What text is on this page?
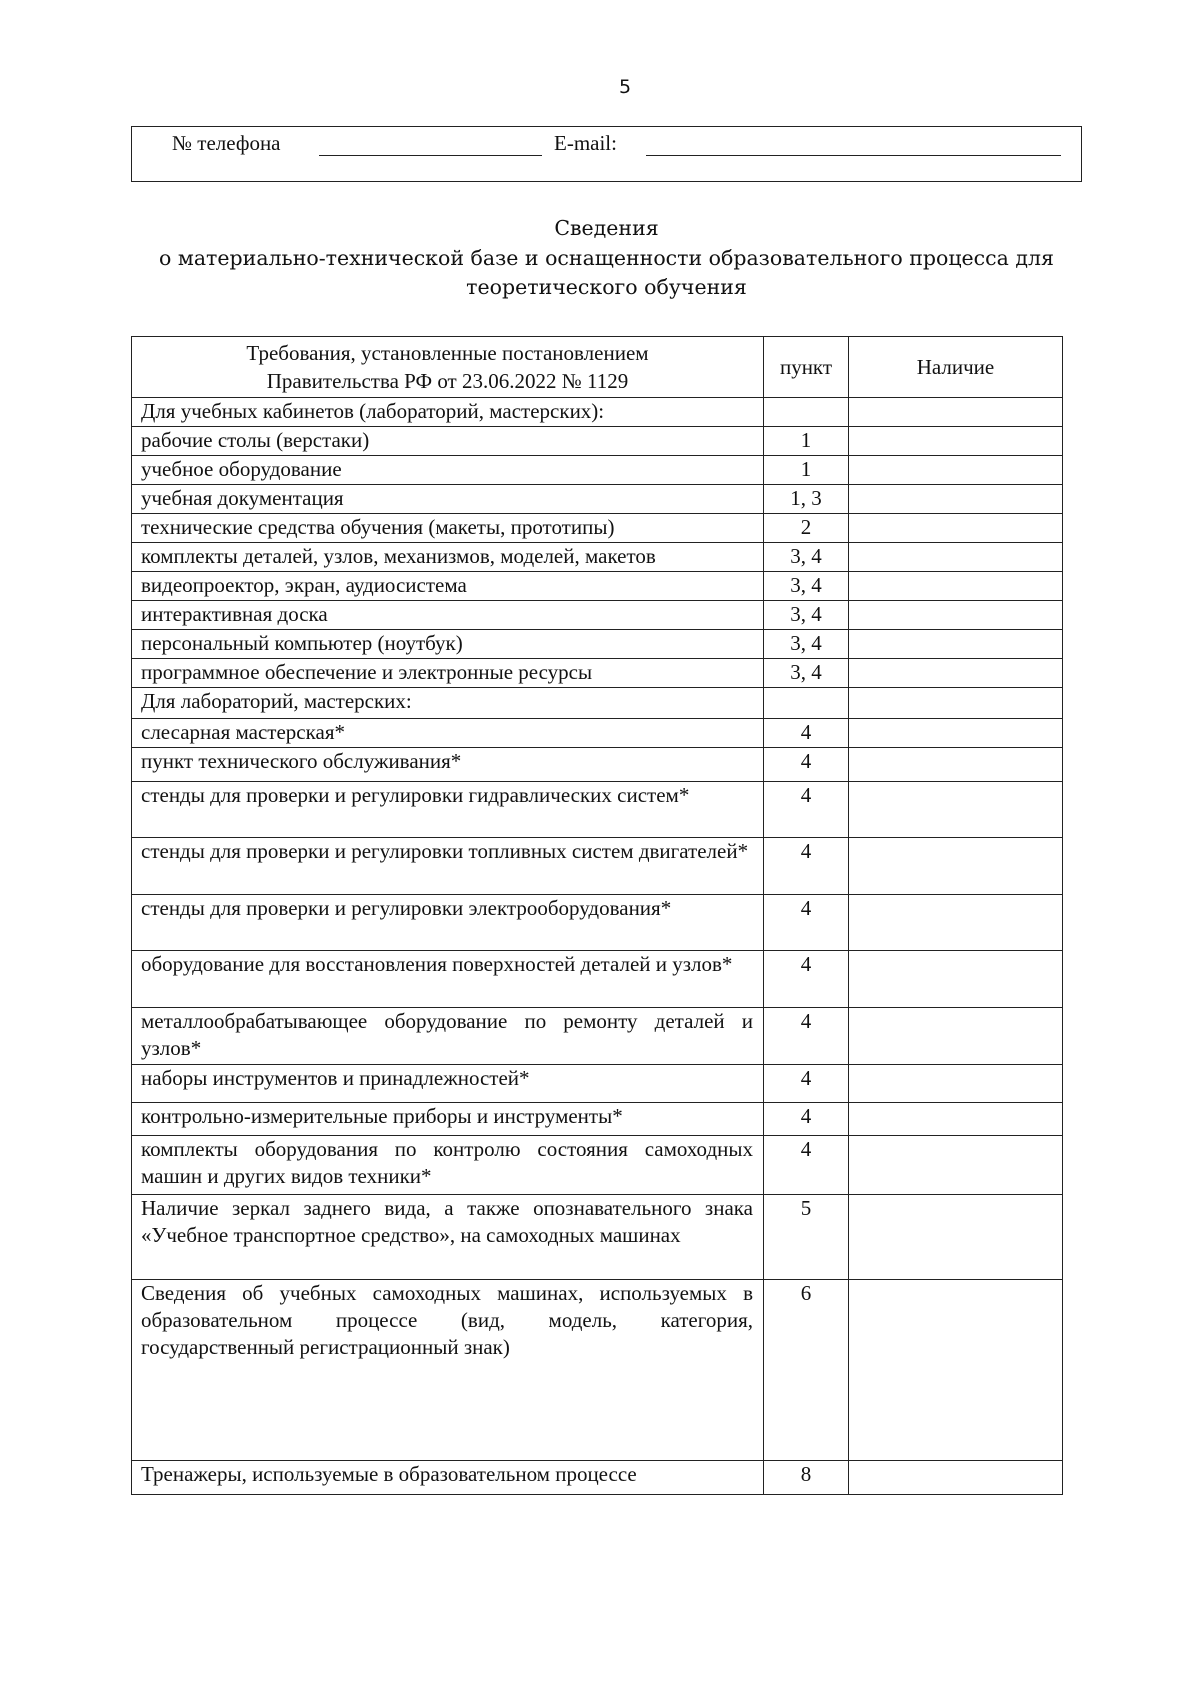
5
№ телефона	E-mail:
Сведения
о материально-технической базе и оснащенности образовательного процесса для
теоретического обучения
Требования, установленные постановлением
Правительства РФ от 23.06.2022 № 1129	пункт	Наличие
Для учебных кабинетов (лабораторий, мастерских):		
рабочие столы (верстаки)	1	
учебное оборудование	1	
учебная документация	1, 3	
технические средства обучения (макеты, прототипы)	2	
комплекты деталей, узлов, механизмов, моделей, макетов	3, 4	
видеопроектор, экран, аудиосистема	3, 4	
интерактивная доска	3, 4	
персональный компьютер (ноутбук)	3, 4	
программное обеспечение и электронные ресурсы	3, 4	
Для лабораторий, мастерских:		
слесарная мастерская*	4	
пункт технического обслуживания*	4	
стенды для проверки и регулировки гидравлических систем*	4	
стенды для проверки и регулировки топливных систем двигателей*	4	
стенды для проверки и регулировки электрооборудования*	4	
оборудование для восстановления поверхностей деталей и узлов*	4	
металлообрабатывающее оборудование по ремонту деталей и узлов*	4	
наборы инструментов и принадлежностей*	4	
контрольно-измерительные приборы и инструменты*	4	
комплекты оборудования по контролю состояния самоходных машин и других видов техники*	4	
Наличие зеркал заднего вида, а также опознавательного знака «Учебное транспортное средство», на самоходных машинах	5	
Сведения об учебных самоходных машинах, используемых в образовательном процессе (вид, модель, категория, государственный регистрационный знак)	6	
Тренажеры, используемые в образовательном процессе	8	
